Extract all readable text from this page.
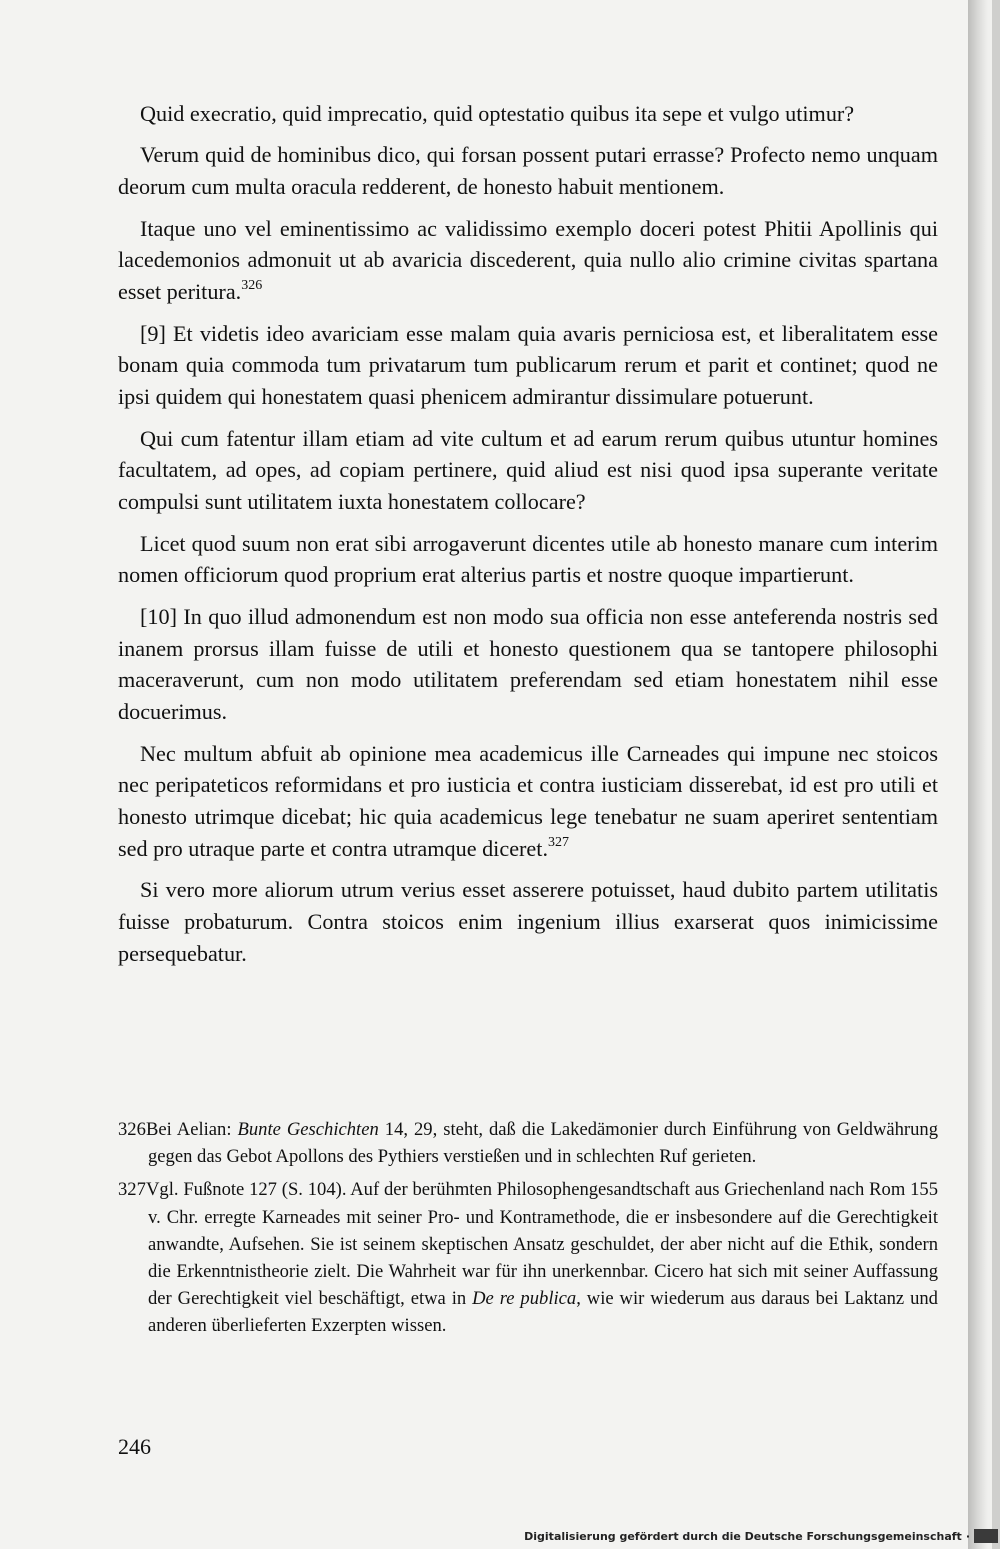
Quid execratio, quid imprecatio, quid optestatio quibus ita sepe et vulgo utimur?

Verum quid de hominibus dico, qui forsan possent putari errasse? Profecto nemo unquam deorum cum multa oracula redderent, de honesto habuit mentionem.

Itaque uno vel eminentissimo ac validissimo exemplo doceri potest Phitii Apollinis qui lacedemonios admonuit ut ab avaricia discederent, quia nullo alio crimine civitas spartana esset peritura.$^{326}$

[9] Et videtis ideo avariciam esse malam quia avaris perniciosa est, et liberalitatem esse bonam quia commoda tum privatarum tum publicarum rerum et parit et continet; quod ne ipsi quidem qui honestatem quasi phenicem admirantur dissimulare potuerunt.

Qui cum fatentur illam etiam ad vite cultum et ad earum rerum quibus utuntur homines facultatem, ad opes, ad copiam pertinere, quid aliud est nisi quod ipsa superante veritate compulsi sunt utilitatem iuxta honestatem collocare?

Licet quod suum non erat sibi arrogaverunt dicentes utile ab honesto manare cum interim nomen officiorum quod proprium erat alterius partis et nostre quoque impartierunt.

[10] In quo illud admonendum est non modo sua officia non esse anteferenda nostris sed inanem prorsus illam fuisse de utili et honesto questionem qua se tantopere philosophi maceraverunt, cum non modo utilitatem preferendam sed etiam honestatem nihil esse docuerimus.

Nec multum abfuit ab opinione mea academicus ille Carneades qui impune nec stoicos nec peripateticos reformidans et pro iusticia et contra iusticiam disserebat, id est pro utili et honesto utrimque dicebat; hic quia academicus lege tenebatur ne suam aperiret sententiam sed pro utraque parte et contra utramque diceret.$^{327}$

Si vero more aliorum utrum verius esset asserere potuisset, haud dubito partem utilitatis fuisse probaturum. Contra stoicos enim ingenium illius exarserat quos inimicissime persequebatur.

326Bei Aelian: Bunte Geschichten 14, 29, steht, daß die Lakedämonier durch Einführung von Geldwährung gegen das Gebot Apollons des Pythiers verstießen und in schlechten Ruf gerieten.
327Vgl. Fußnote 127 (S. 104). Auf der berühmten Philosophengesandtschaft aus Griechenland nach Rom 155 v. Chr. erregte Karneades mit seiner Pro- und Kontramethode, die er insbesondere auf die Gerechtigkeit anwandte, Aufsehen. Sie ist seinem skeptischen Ansatz geschuldet, der aber nicht auf die Ethik, sondern die Erkenntnistheorie zielt. Die Wahrheit war für ihn unerkennbar. Cicero hat sich mit seiner Auffassung der Gerechtigkeit viel beschäftigt, etwa in De re publica, wie wir wiederum aus daraus bei Laktanz und anderen überlieferten Exzerpten wissen.
246
Digitalisierung gefördert durch die Deutsche Forschungsgemeinschaft ·
